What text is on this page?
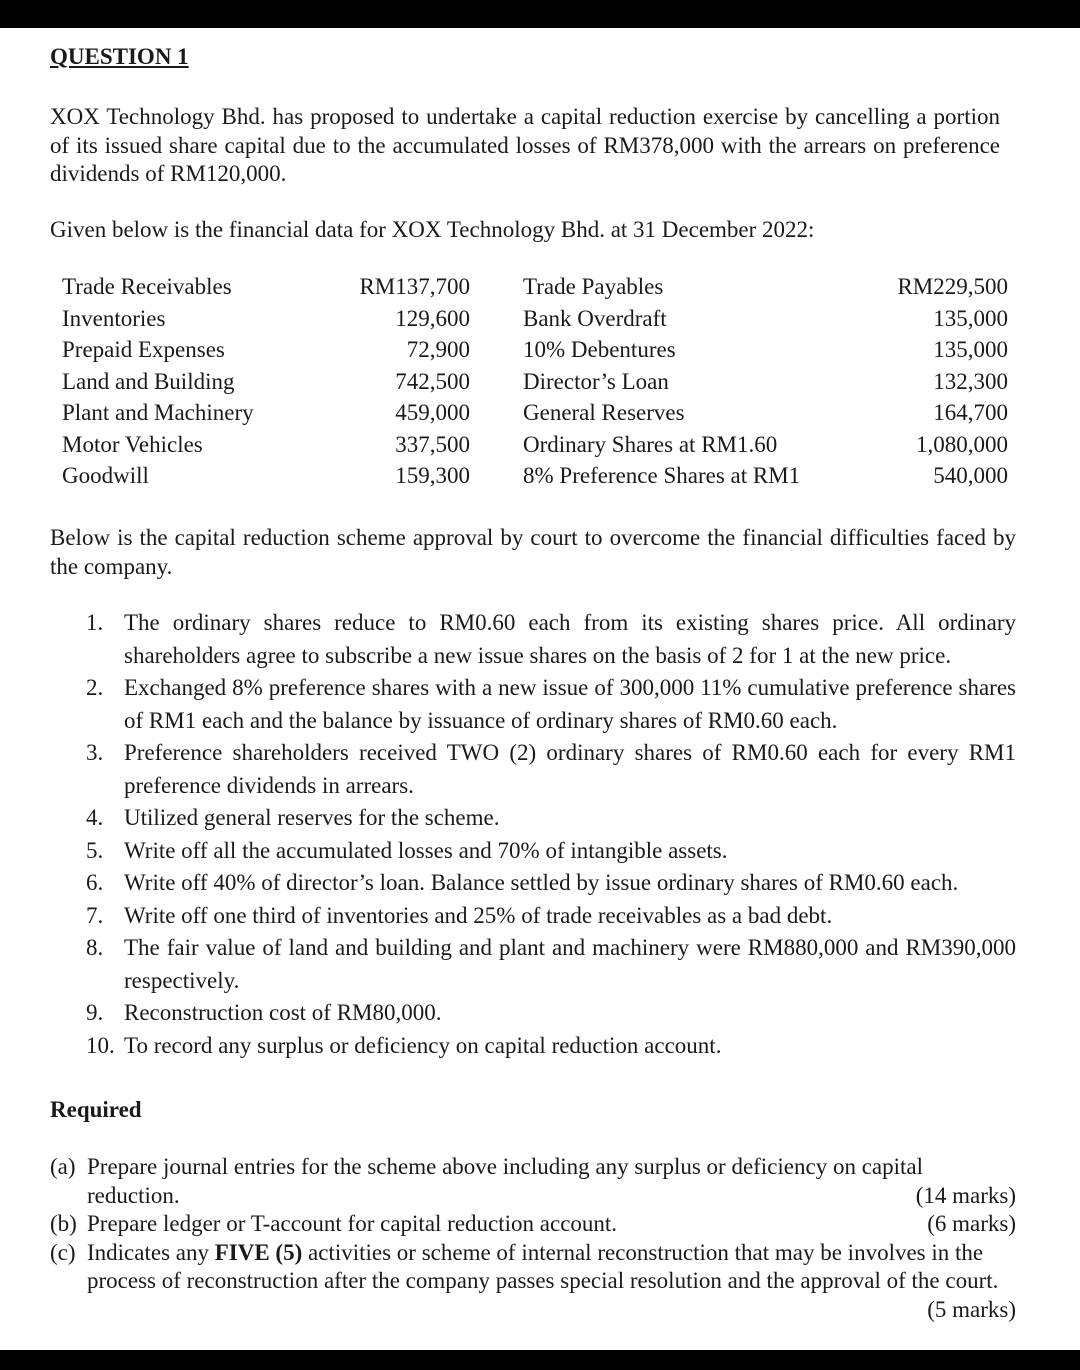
QUESTION 1
XOX Technology Bhd. has proposed to undertake a capital reduction exercise by cancelling a portion of its issued share capital due to the accumulated losses of RM378,000 with the arrears on preference dividends of RM120,000.
Given below is the financial data for XOX Technology Bhd. at 31 December 2022:
Trade Receivables	RM137,700 Trade Payables	RM229,500
Inventories	129,600 Bank Overdraft	135,000
Prepaid Expenses	72,900 10% Debentures	135,000
Land and Building	742,500 Director’s Loan	132,300
Plant and Machinery	459,000 General Reserves	164,700
Motor Vehicles	337,500 Ordinary Shares at RM1.60	1,080,000
Goodwill	159,300 8% Preference Shares at RM1	540,000
Below is the capital reduction scheme approval by court to overcome the financial difficulties faced by the company.
1. The ordinary shares reduce to RM0.60 each from its existing shares price. All ordinary shareholders agree to subscribe a new issue shares on the basis of 2 for 1 at the new price.
2. Exchanged 8% preference shares with a new issue of 300,000 11% cumulative preference shares of RM1 each and the balance by issuance of ordinary shares of RM0.60 each.
3. Preference shareholders received TWO (2) ordinary shares of RM0.60 each for every RM1 preference dividends in arrears.
4. Utilized general reserves for the scheme.
5. Write off all the accumulated losses and 70% of intangible assets.
6. Write off 40% of director’s loan. Balance settled by issue ordinary shares of RM0.60 each.
7. Write off one third of inventories and 25% of trade receivables as a bad debt.
8. The fair value of land and building and plant and machinery were RM880,000 and RM390,000 respectively.
9. Reconstruction cost of RM80,000.
10. To record any surplus or deficiency on capital reduction account.
Required
(a) Prepare journal entries for the scheme above including any surplus or deficiency on capital reduction.	(14 marks)
(b) Prepare ledger or T-account for capital reduction account.	(6 marks)
(c) Indicates any FIVE (5) activities or scheme of internal reconstruction that may be involves in the process of reconstruction after the company passes special resolution and the approval of the court.
(5 marks)
